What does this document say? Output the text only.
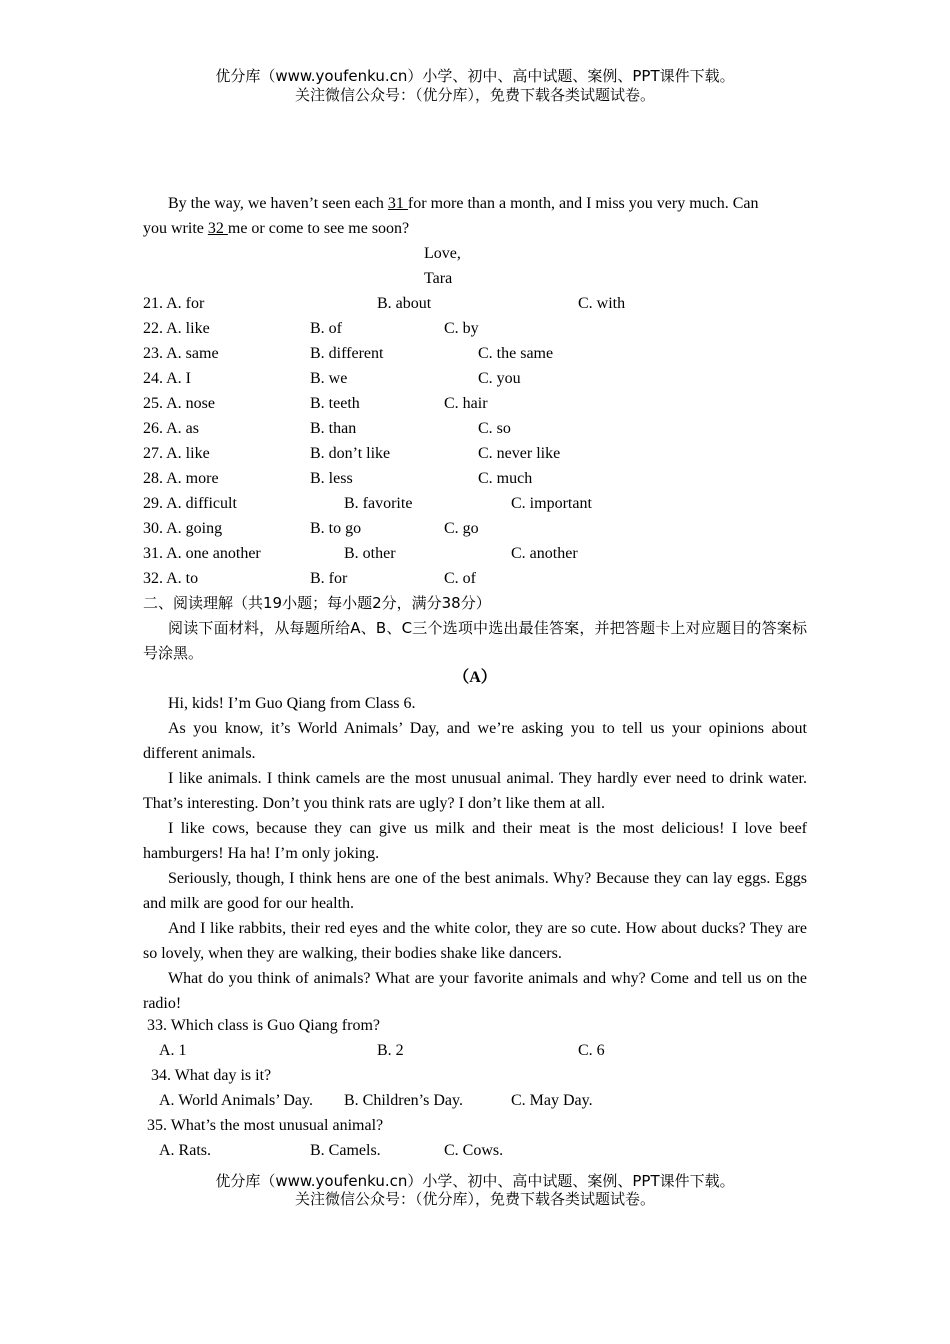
优分库（www.youfenku.cn）小学、初中、高中试题、案例、PPT课件下载。
关注微信公众号：（优分库），免费下载各类试题试卷。
By the way, we haven’t seen each 31 for more than a month, and I miss you very much. Can
you write 32 me or come to see me soon?
Love,
Tara
21. A. for	B. about	C. with
22. A. like	B. of	C. by
23. A. same	B. different	C. the same
24. A. I	B. we	C. you
25. A. nose	B. teeth	C. hair
26. A. as	B. than	C. so
27. A. like	B. don’t like	C. never like
28. A. more	B. less	C. much
29. A. difficult	B. favorite	C. important
30. A. going	B. to go	C. go
31. A. one another	B. other	C. another
32. A. to	B. for	C. of
二、阅读理解（共19小题；每小题2分，满分38分）
阅读下面材料，从每题所给A、B、C三个选项中选出最佳答案，并把答题卡上对应题目的答案标号涂黑。
（A）
Hi, kids! I’m Guo Qiang from Class 6.
As you know, it’s World Animals’ Day, and we’re asking you to tell us your opinions about different animals.
I like animals. I think camels are the most unusual animal. They hardly ever need to drink water. That’s interesting. Don’t you think rats are ugly? I don’t like them at all.
I like cows, because they can give us milk and their meat is the most delicious! I love beef hamburgers! Ha ha! I’m only joking.
Seriously, though, I think hens are one of the best animals. Why? Because they can lay eggs. Eggs and milk are good for our health.
And I like rabbits, their red eyes and the white color, they are so cute. How about ducks? They are so lovely, when they are walking, their bodies shake like dancers.
What do you think of animals? What are your favorite animals and why? Come and tell us on the radio!
33. Which class is Guo Qiang from?
A. 1	B. 2	C. 6
34. What day is it?
A. World Animals’ Day. B. Children’s Day.	C. May Day.
35. What’s the most unusual animal?
A. Rats.	B. Camels.	C. Cows.
优分库（www.youfenku.cn）小学、初中、高中试题、案例、PPT课件下载。
关注微信公众号：（优分库），免费下载各类试题试卷。
